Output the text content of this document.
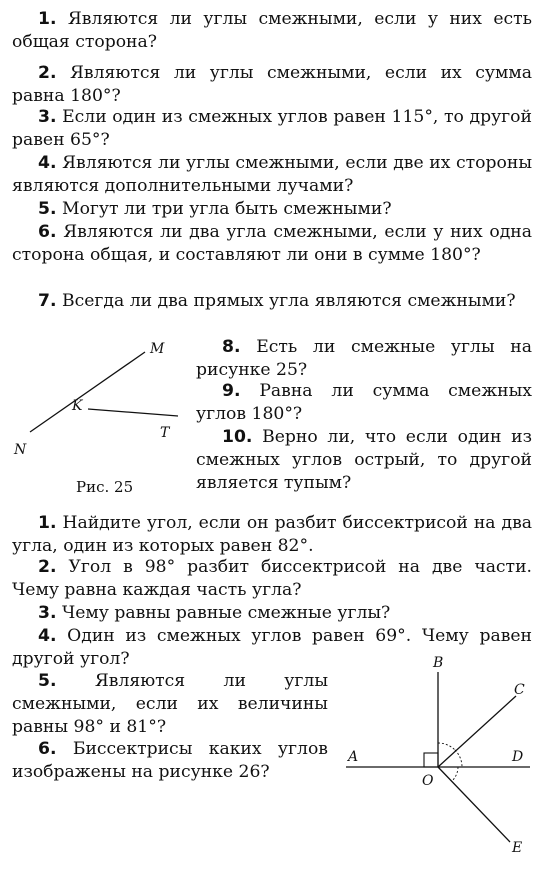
1. Являются ли углы смежными, если у них есть общая сторона?

2. Являются ли углы смежными, если их сумма равна 180°?

3. Если один из смежных углов равен 115°, то другой равен 65°?

4. Являются ли углы смежными, если две их стороны являются дополнительными лучами?

5. Могут ли три угла быть смежными?

6. Являются ли два угла смежными, если у них одна сторона общая, и составляют ли они в сумме 180°?

7. Всегда ли два прямых угла являются смежными?

M
K
T
N
Рис. 25

8. Есть ли смежные углы на рисунке 25?

9. Равна ли сумма смежных углов 180°?

10. Верно ли, что если один из смежных углов острый, то другой является тупым?

1. Найдите угол, если он разбит биссектрисой на два угла, один из которых равен 82°.

2. Угол в 98° разбит биссектрисой на две части. Чему равна каждая часть угла?

3. Чему равны равные смежные углы?

4. Один из смежных углов равен 69°. Чему равен другой угол?

5. Являются ли углы смежными, если их величины равны 98° и 81°?

6. Биссектрисы каких углов изображены на рисунке 26?

B
C
D
A
O
E
